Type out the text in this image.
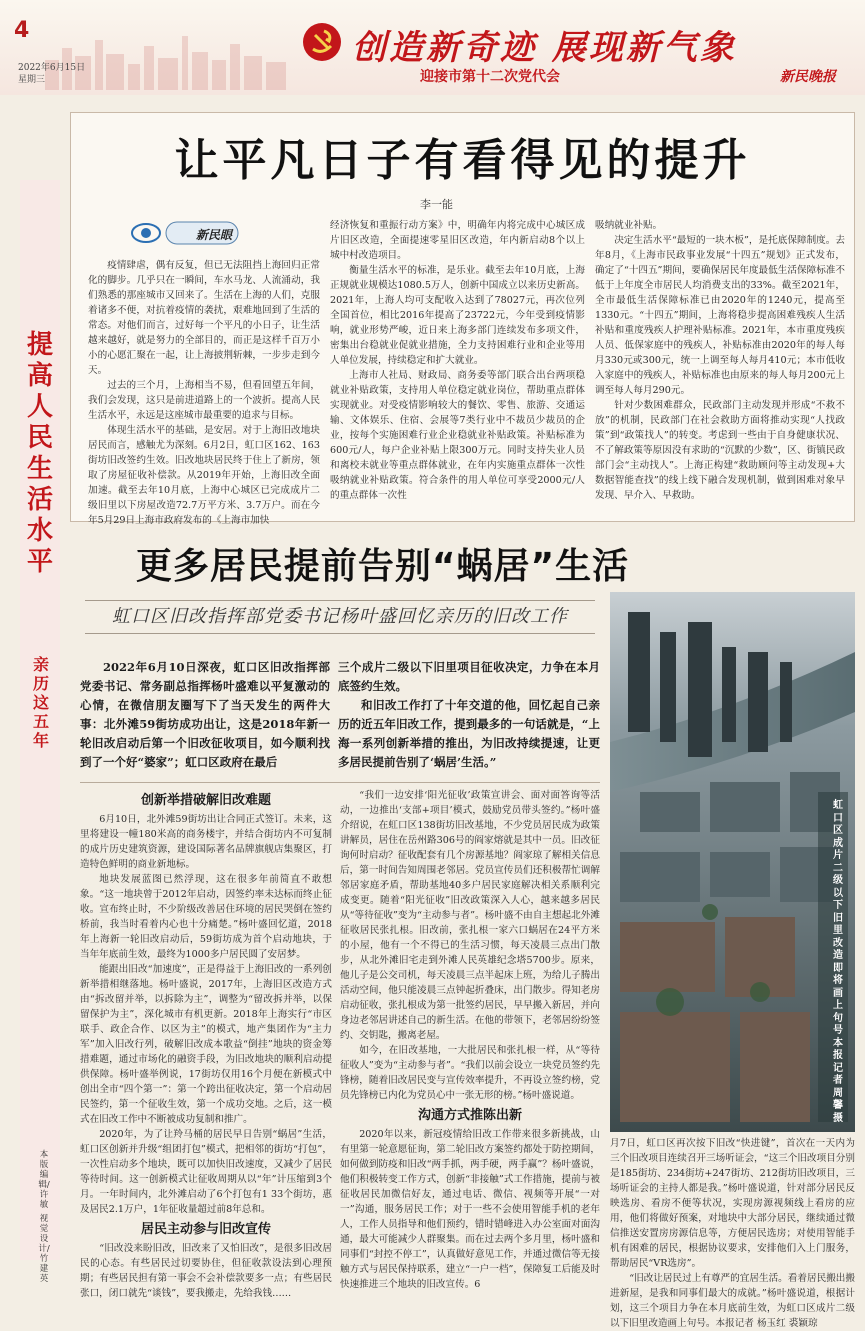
4
2022年6月15日
星期三
创造新奇迹 展现新气象
迎接市第十二次党代会	新民晚报
提高人民生活水平
亲历这五年
本版编辑/许 敏
视觉设计/竹建英
让平凡日子有看得见的提升
李一能
新民眼

疫情肆虐，偶有反复，但已无法阻挡上海回归正常化的脚步。几乎只在一瞬间，车水马龙、人流涌动，我们熟悉的那座城市又回来了。生活在上海的人们，克服着诸多不便，对抗着疫情的袭扰，艰难地回到了生活的常态。对他们而言，过好每一个平凡的小日子，让生活越来越好，就是努力的全部目的，而正是这样千百万小小的心愿汇聚在一起，让上海披荆斩棘，一步步走到今天。

过去的三个月，上海相当不易，但看回望五年间，我们会发现，这只是前进道路上的一个波折。提高人民生活水平，永远是这座城市最重要的追求与目标。

体现生活水平的基础，是安居。对于上海旧改地块居民而言，感触尤为深刻。6月2日，虹口区162、163街坊旧改签约生效。旧改地块居民终于住上了新房，领取了房屋征收补偿款。从2019年开始，上海旧改全面加速。截至去年10月底，上海中心城区已完成成片二级旧里以下房屋改造72.7万平方米、3.7万户。而在今年5月29日上海市政府发布的《上海市加快

经济恢复和重振行动方案》中，明确年内将完成中心城区成片旧区改造，全面提速零星旧区改造，年内新启动8个以上城中村改造项目。

衡量生活水平的标准，是乐业。截至去年10月底，上海正规就业规模达1080.5万人，创新中国成立以来历史新高。2021年，上海人均可支配收入达到了78027元，再次位列全国首位，相比2016年提高了23722元，今年受到疫情影响，就业形势严峻，近日来上海多部门连续发布多项文件，密集出台稳就业促就业措施，全力支持困难行业和企业等用人单位发展，持续稳定和扩大就业。

上海市人社局、财政局、商务委等部门联合出台两项稳就业补贴政策，支持用人单位稳定就业岗位，帮助重点群体实现就业。对受疫情影响较大的餐饮、零售、旅游、交通运输、文体娱乐、住宿、会展等7类行业中不裁员少裁员的企业，按每个实施困难行业企业稳就业补贴政策。补贴标准为600元/人，每户企业补贴上限300万元。同时支持失业人员和离校未就业等重点群体就业，在年内实施重点群体一次性吸纳就业补贴政策。符合条件的用人单位可享受2000元/人的重点群体一次性

吸纳就业补贴。

决定生活水平“最短的一块木板”，是托底保障制度。去年8月，《上海市民政事业发展“十四五”规划》正式发布，确定了“十四五”期间，要确保居民年度最低生活保障标准不低于上年度全市居民人均消费支出的33%。截至2021年，全市最低生活保障标准已由2020年的1240元，提高至1330元。“十四五”期间，上海将稳步提高困难残疾人生活补贴和重度残疾人护理补贴标准。2021年，本市重度残疾人员、低保家庭中的残疾人，补贴标准由2020年的每人每月330元或300元，统一上调至每人每月410元；本市低收入家庭中的残疾人，补贴标准也由原来的每人每月200元上调至每人每月290元。

针对少数困难群众，民政部门主动发现并形成“不救不放”的机制，民政部门在社会救助方面将推动实现“人找政策”到“政策找人”的转变。考虑到一些由于自身健康状况、不了解政策等原因没有求助的“沉默的少数”，区、街镇民政部门会“主动找人”。上海正构建“救助顾问等主动发现+大数据智能查找”的线上线下融合发现机制，做到困难对象早发现、早介入、早救助。

更多居民提前告别“蜗居”生活
虹口区旧改指挥部党委书记杨叶盛回忆亲历的旧改工作

2022年6月10日深夜，虹口区旧改指挥部党委书记、常务副总指挥杨叶盛难以平复激动的心情，在微信朋友圈写下了当天发生的两件大事：北外滩59街坊成功出让，这是2018年新一轮旧改启动后第一个旧改征收项目，如今顺利找到了一个好“婆家”；虹口区政府在最后

三个成片二级以下旧里项目征收决定，力争在本月底签约生效。

和旧改工作打了十年交道的他，回忆起自己亲历的近五年旧改工作，提到最多的一句话就是，“上海一系列创新举措的推出，为旧改持续提速，让更多居民提前告别了‘蜗居’生活。”

创新举措破解旧改难题

6月10日，北外滩59街坊出让合同正式签订。未来，这里将建设一幢180米高的商务楼宇，并结合街坊内不可复制的成片历史建筑资源，建设国际著名品牌旗舰店集聚区，打造特色鲜明的商业新地标。

地块发展蓝图已然浮现，这在很多年前简直不敢想象。“这一地块曾于2012年启动，因签约率未达标而终止征收。宣布终止时，不少阶级改善居住环境的居民哭倒在签约桥前，我当时看着内心也十分痛楚。”杨叶盛回忆道，2018年上海新一轮旧改启动后，59街坊成为首个启动地块，于当年年底前生效，最终为1000多户居民圆了安居梦。

能跟出旧改“加速度”，正是得益于上海旧改的一系列创新举措相继落地。杨叶盛说，2017年，上海旧区改造方式由“拆改留并举，以拆除为主”，调整为“留改拆并举，以保留保护为主”，深化城市有机更新。2018年上海实行“市区联手、政企合作、以区为主”的模式，地产集团作为“主力军”加入旧改行列，破解旧改成本歌益“倒挂”地块的资金筹措难题，通过市场化的融资手段，为旧改地块的顺利启动提供保障。杨叶盛举例说，17街坊仅用16个月便在新模式中创出全市“四个第一”：第一个跨出征收决定，第一个启动居民签约，第一个征收生效，第一个成功交地。之后，这一模式在旧改工作中不断被成功复制和推广。

2020年，为了让羚马桶的居民早日告别“蜗居”生活，虹口区创新并升级“组团打包”模式，把相邻的街坊“打包”，一次性启动多个地块，既可以加快旧改速度，又减少了居民等待时间。这一创新模式让征收周期从以“年”计压缩到3个月。一年时间内，北外滩启动了6个打包有1 33个街坊，惠及居民2.1万户，1年征收量超过前8年总和。

居民主动参与旧改宣传

“旧改没来盼旧改，旧改来了又怕旧改”，是很多旧改居民的心态。有些居民过切要协住，但征收款设法到心理预期；有些居民担有第一事会不会补偿款要多一点；有些居民张口，闭口就先“谈钱”，要我搬走，先给我钱……

“我们一边安排‘阳光征收’政策宣讲会、面对面答询等活动，一边推出‘支部+项目’模式，鼓励党员带头签约。”杨叶盛介绍说，在虹口区138街坊旧改基地，不少党员居民成为政策讲解员，居住在岳州路306号的阎家熔就是其中一员。旧改征询何时启动？征收配套有几个房源基地？阎家琼了解相关信息后，第一时间告知周围老邻居。党员宣传员们还积极帮忙调解邻居家庭矛盾，帮助基地40多户居民家庭解决相关系顺利完成变更。随着“阳光征收”旧改政策深入人心，越来越多居民从“等待征收”变为“主动参与者”。杨叶盛不由自主想起北外滩征收居民张扎根。旧改前，张扎根一家六口蜗居在24平方米的小屋，他有一个不得已的生活习惯，每天凌晨三点出门散步，从北外滩旧宅走到外滩人民英雄纪念塔5700步。原来，他儿子是公交司机，每天凌晨三点半起床上班，为给儿子腾出活动空间，他只能凌晨三点钟起折叠床，出门散步。得知老房启动征收，张扎根成为第一批签约居民，早早搬入新居，并向身边老邻居讲述自己的新生活。在他的带领下，老邻居纷纷签约、交钥匙，搬离老屋。

如今，在旧改基地，一大批居民和张扎根一样，从“等待征收人”变为“主动参与者”。“我们以前会设立一块党员签约先锋榜，随着旧改居民变与宣传效率提升，不再设立签约榜，党员先锋榜已内化为党员心中一张无形的榜。”杨叶盛说道。

沟通方式推陈出新

2020年以来，新冠疫情给旧改工作带来很多新挑战，山有里第一轮意愿征询，第二轮旧改方案签约都处于防控期间，如何做到防疫和旧改“两手抓，两手硬，两手赢”？杨叶盛说，他们积极转变工作方式，创新“非接触”式工作措施，提前与被征收居民加微信好友，通过电话、微信、视频等开展“一对一”沟通，服务居民工作；对于一些不会使用智能手机的老年人，工作人员指导和他们预约，错时错峰进入办公室面对面沟通，最大可能减少人群聚集。而在过去两个多月里，杨叶盛和同事们“封控不停工”，认真做好意见工作，并通过微信等无接触方式与居民保持联系，建立“一户一档”，保障复工后能及时快速推进三个地块的旧改宣传。6

虹口区成片二级以下旧里改造即将画上句号 本报记者 周馨 摄

月7日，虹口区再次按下旧改“快进键”，首次在一天内为三个旧改项目连续召开三场听证会，“这三个旧改项目分别是185街坊、234街坊+247街坊、212街坊旧改项目，三场听证会的主持人都是我。”杨叶盛说道，针对部分居民反映选房、看房不便等状况，实现房源视频线上看房的应用，他们将做好预案，对地块中大部分居民，继续通过微信推送安置房房源信息等，方便居民选房；对使用智能手机有困难的居民，根据协议要求，安排他们入上门服务，帮助居民“VR选房”。

“旧改让居民过上有尊严的宜居生活。看着居民搬出搬进新屋，是我和同事们最大的成就。”杨叶盛说道，根据计划，这三个项目力争在本月底前生效，为虹口区成片二级以下旧里改造画上句号。本报记者 杨玉红 裘颖琼
